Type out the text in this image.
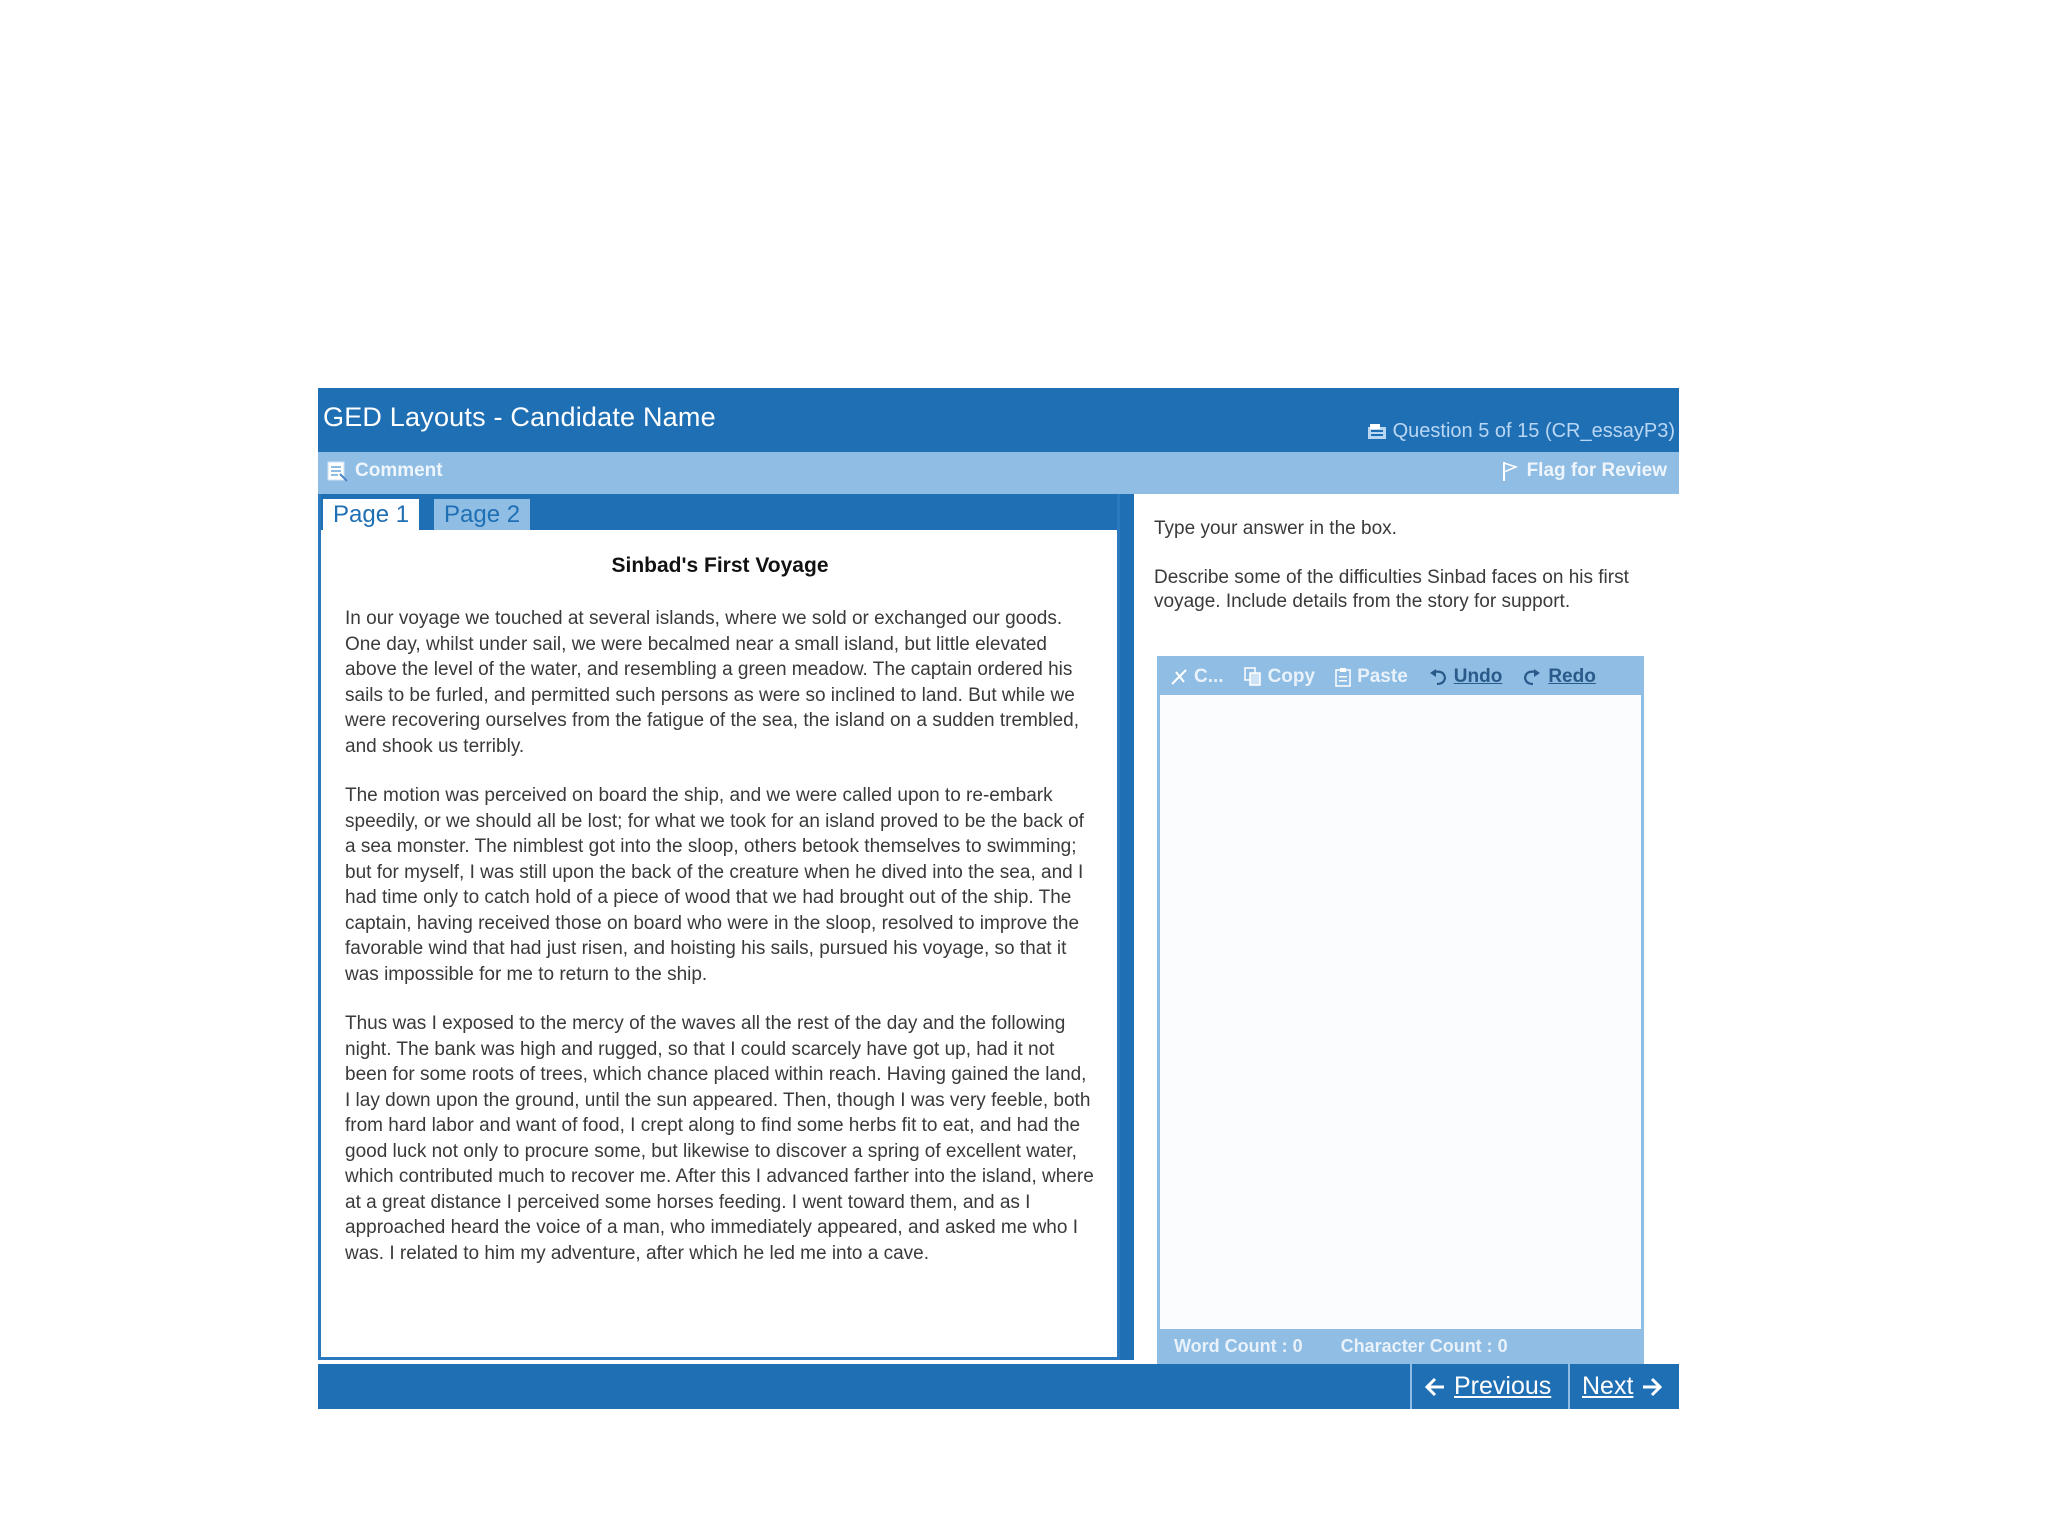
GED Layouts - Candidate Name	Question 5 of 15 (CR_essayP3)
Comment	Flag for Review
Page 1	Page 2
Sinbad's First Voyage

In our voyage we touched at several islands, where we sold or exchanged our goods. One day, whilst under sail, we were becalmed near a small island, but little elevated above the level of the water, and resembling a green meadow. The captain ordered his sails to be furled, and permitted such persons as were so inclined to land. But while we were recovering ourselves from the fatigue of the sea, the island on a sudden trembled, and shook us terribly.

The motion was perceived on board the ship, and we were called upon to re-embark speedily, or we should all be lost; for what we took for an island proved to be the back of a sea monster. The nimblest got into the sloop, others betook themselves to swimming; but for myself, I was still upon the back of the creature when he dived into the sea, and I had time only to catch hold of a piece of wood that we had brought out of the ship. The captain, having received those on board who were in the sloop, resolved to improve the favorable wind that had just risen, and hoisting his sails, pursued his voyage, so that it was impossible for me to return to the ship.

Thus was I exposed to the mercy of the waves all the rest of the day and the following night. The bank was high and rugged, so that I could scarcely have got up, had it not been for some roots of trees, which chance placed within reach. Having gained the land, I lay down upon the ground, until the sun appeared. Then, though I was very feeble, both from hard labor and want of food, I crept along to find some herbs fit to eat, and had the good luck not only to procure some, but likewise to discover a spring of excellent water, which contributed much to recover me. After this I advanced farther into the island, where at a great distance I perceived some horses feeding. I went toward them, and as I approached heard the voice of a man, who immediately appeared, and asked me who I was. I related to him my adventure, after which he led me into a cave.

Type your answer in the box.
Describe some of the difficulties Sinbad faces on his first voyage. Include details from the story for support.
C... Copy Paste Undo Redo
Word Count : 0 Character Count : 0
Previous Next
